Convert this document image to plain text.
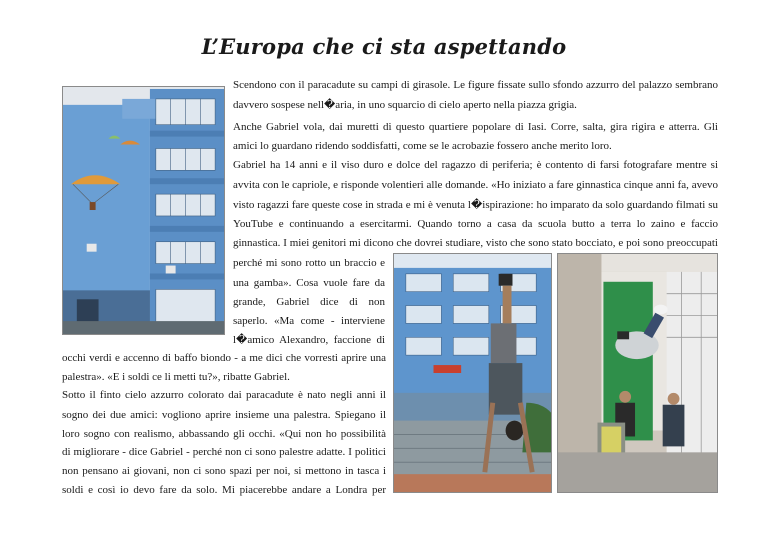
L’Europa che ci sta aspettando
Scendono con il paracadute su campi di girasole. Le figure fissate sullo sfondo azzurro del palazzo sembrano
davvero sospese nell�aria, in uno squarcio di cielo aperto nella piazza grigia.
Anche Gabriel vola, dai muretti di questo quartiere popolare di Iasi. Corre, salta, gira rigira e atterra. Gli
amici lo guardano ridendo soddisfatti, come se le acrobazie fossero anche merito loro.
Gabriel ha 14 anni e il viso duro e dolce del ragazzo di periferia; è contento di farsi fotografare mentre si
avvita con le capriole, e risponde volentieri alle domande. «Ho iniziato a fare ginnastica cinque anni fa, avevo
visto ragazzi fare queste cose in strada e mi è venuta l�ispirazione: ho imparato da solo guardando filmati su
YouTube e continuando a esercitarmi. Quando torno a casa da scuola butto a terra lo zaino e faccio
ginnastica. I miei genitori mi dicono che dovrei studiare, visto che sono stato bocciato, e poi sono preoccupati
perché mi sono rotto un braccio e
una gamba». Cosa vuole fare da
grande, Gabriel dice di non
saperlo. «Ma come - interviene
l�amico Alexandro, faccione di
occhi verdi e accenno di baffo biondo - a me dici che vorresti aprire una
palestra». «E i soldi ce li metti tu?», ribatte Gabriel.
Sotto il finto cielo azzurro colorato dai paracadute è nato negli anni il
sogno dei due amici: vogliono aprire insieme una palestra. Spiegano il
loro sogno con realismo, abbassando gli occhi. «Qui non ho possibilità
di migliorare - dice Gabriel - perché non ci sono palestre adatte. I politici
non pensano ai giovani, non ci sono spazi per noi, si mettono in tasca i
soldi e così io devo fare da solo. Mi piacerebbe andare a Londra per
